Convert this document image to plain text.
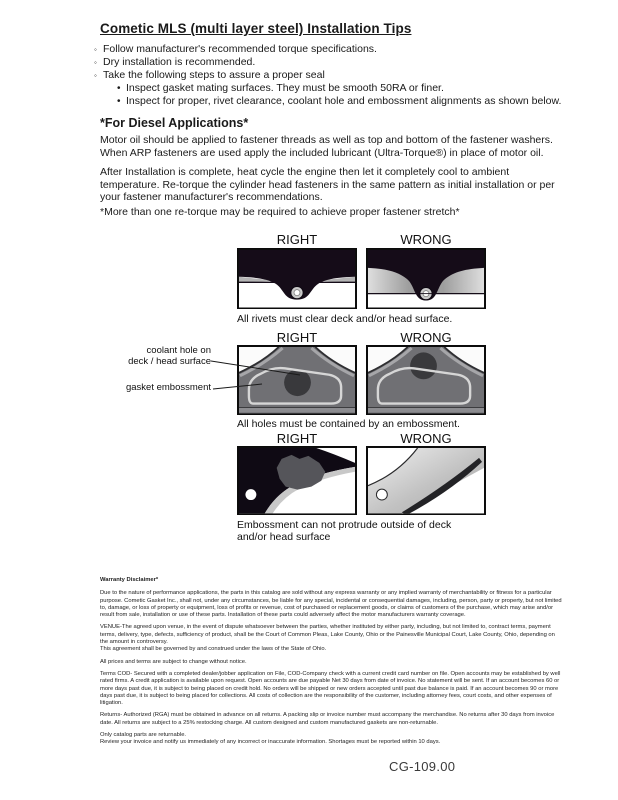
Cometic MLS (multi layer steel) Installation Tips
◦ Follow manufacturer's recommended torque specifications.
◦ Dry installation is recommended.
◦ Take the following steps to assure a proper seal
• Inspect gasket mating surfaces. They must be smooth 50RA or finer.
• Inspect for proper, rivet clearance, coolant hole and embossment alignments as shown below.
*For Diesel Applications*
Motor oil should be applied to fastener threads as well as top and bottom of the fastener washers. When ARP fasteners are used apply the included lubricant (Ultra-Torque®) in place of motor oil.
After Installation is complete, heat cycle the engine then let it completely cool to ambient temperature. Re-torque the cylinder head fasteners in the same pattern as initial installation or per your fastener manufacturer's recommendations.
*More than one re-torque may be required to achieve proper fastener stretch*
RIGHT	WRONG
All rivets must clear deck and/or head surface.
coolant hole on
deck / head surface
gasket embossment
RIGHT	WRONG
All holes must be contained by an embossment.
RIGHT	WRONG
Embossment can not protrude outside of deck
and/or head surface

Warranty Disclaimer*

Due to the nature of performance applications, the parts in this catalog are sold without any express warranty or any implied warranty of merchantability or fitness for a particular purpose. Cometic Gasket Inc., shall not, under any circumstances, be liable for any special, incidental or consequential damages, including, person, party or property, but not limited to, damage, or loss of property or equipment, loss of profits or revenue, cost of purchased or replacement goods, or claims of customers of the purchase, which may arise and/or result from sale, installation or use of these parts. Installation of these parts could adversely affect the motor manufacturers warranty coverage.

VENUE-The agreed upon venue, in the event of dispute whatsoever between the parties, whether instituted by either party, including, but not limited to, contract terms, payment terms, delivery, type, defects, sufficiency of product, shall be the Court of Common Pleas, Lake County, Ohio or the Painesville Municipal Court, Lake County, Ohio, depending on the amount in controversy.

This agreement shall be governed by and construed under the laws of the State of Ohio.

All prices and terms are subject to change without notice.

Terms COD- Secured with a completed dealer/jobber application on File, COD-Company check with a current credit card number on file. Open accounts may be established by well rated firms. A credit application is available upon request. Open accounts are due payable Net 30 days from date of invoice. No statement will be sent. If an account becomes 60 or more days past due, it is subject to being placed on credit hold. No orders will be shipped or new orders accepted until past due balance is paid. If an account becomes 90 or more days past due, it is subject to being placed for collections. All costs of collection are the responsibility of the customer, including attorney fees, court costs, and other expenses of litigation.

Returns- Authorized (RGA) must be obtained in advance on all returns. A packing slip or invoice number must accompany the merchandise. No returns after 30 days from invoice date. All returns are subject to a 25% restocking charge. All custom designed and custom manufactured gaskets are non-returnable.

Only catalog parts are returnable.

Review your invoice and notify us immediately of any incorrect or inaccurate information. Shortages must be reported within 10 days.

CG-109.00
